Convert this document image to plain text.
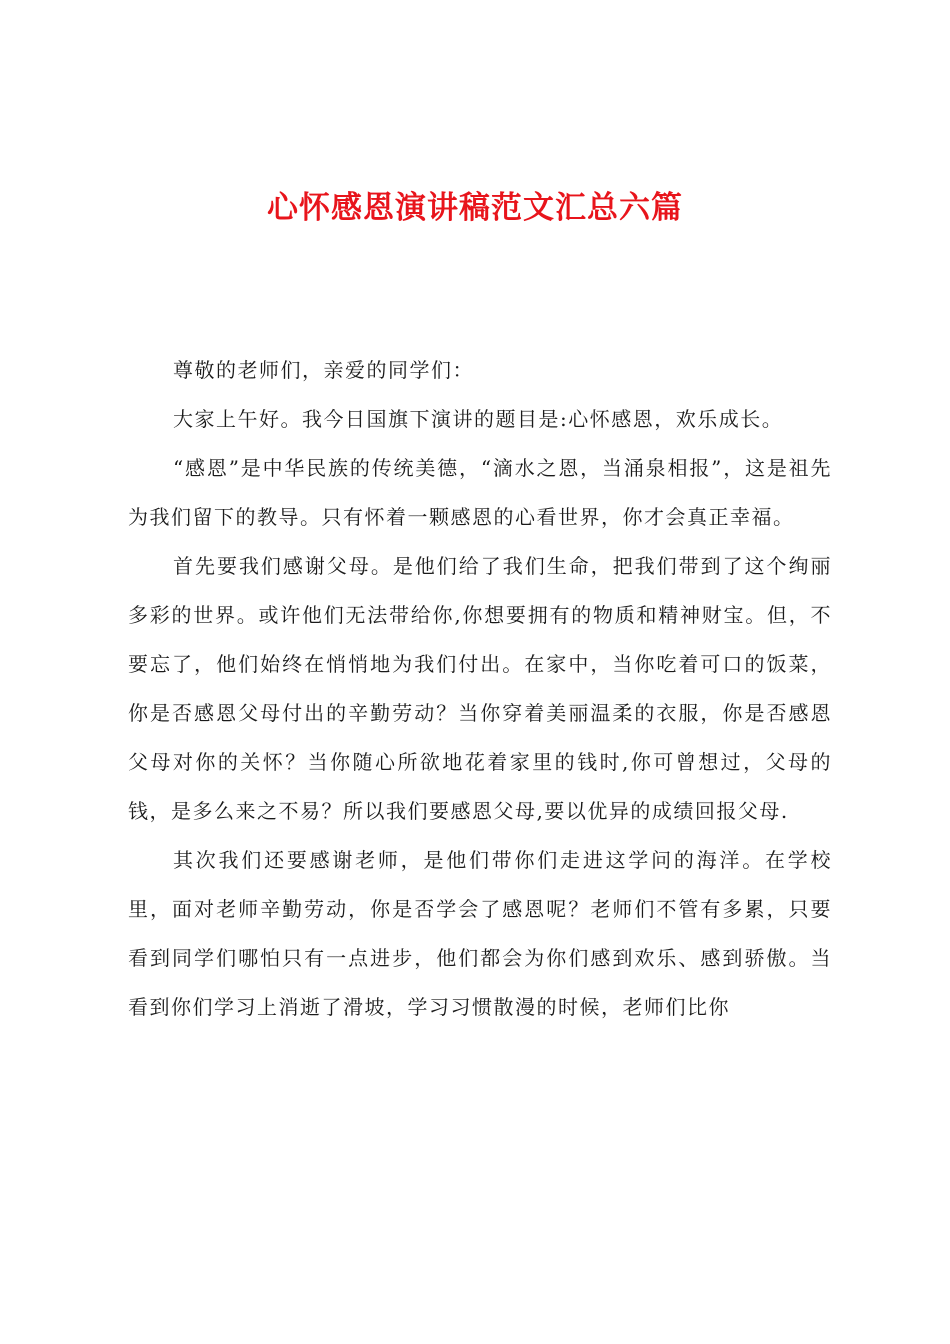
心怀感恩演讲稿范文汇总六篇

尊敬的老师们，亲爱的同学们：

大家上午好。我今日国旗下演讲的题目是:心怀感恩，欢乐成长。

“感恩”是中华民族的传统美德，“滴水之恩，当涌泉相报”，这是祖先为我们留下的教导。只有怀着一颗感恩的心看世界，你才会真正幸福。

首先要我们感谢父母。是他们给了我们生命，把我们带到了这个绚丽多彩的世界。或许他们无法带给你,你想要拥有的物质和精神财宝。但，不要忘了，他们始终在悄悄地为我们付出。在家中，当你吃着可口的饭菜，你是否感恩父母付出的辛勤劳动？当你穿着美丽温柔的衣服，你是否感恩父母对你的关怀？当你随心所欲地花着家里的钱时,你可曾想过，父母的钱，是多么来之不易？所以我们要感恩父母,要以优异的成绩回报父母.

其次我们还要感谢老师，是他们带你们走进这学问的海洋。在学校里，面对老师辛勤劳动，你是否学会了感恩呢？老师们不管有多累，只要看到同学们哪怕只有一点进步，他们都会为你们感到欢乐、感到骄傲。当看到你们学习上消逝了滑坡，学习习惯散漫的时候，老师们比你
